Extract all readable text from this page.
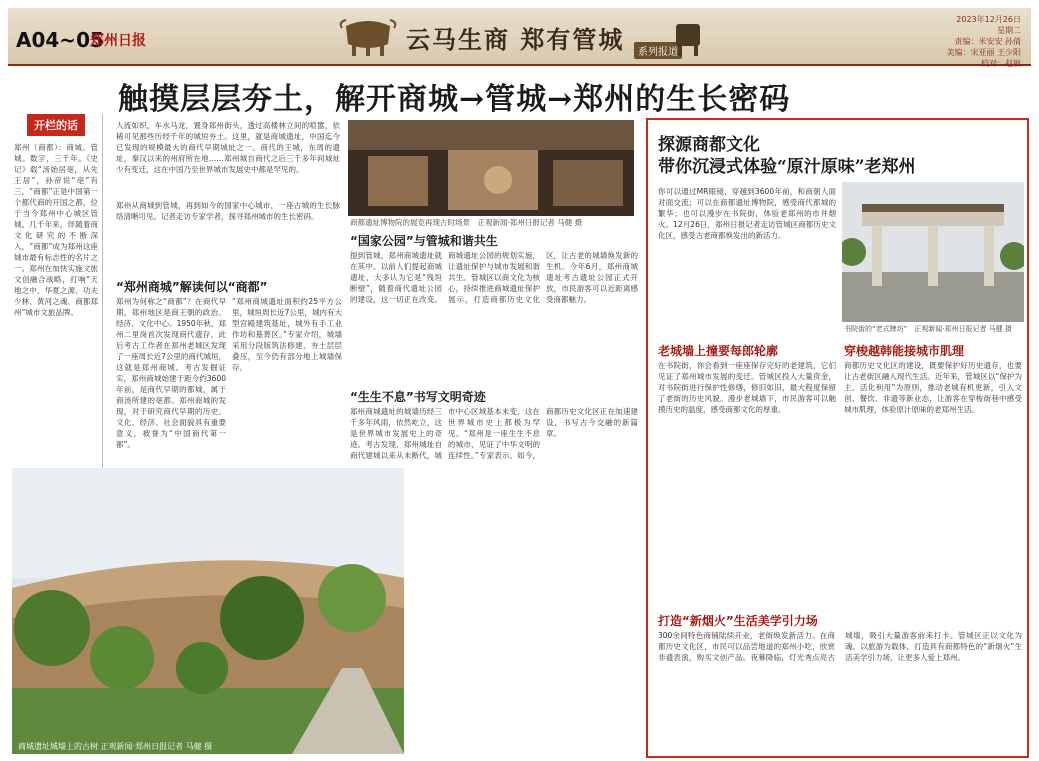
A04~05
郑州日报	云马生商 郑有管城	系列报道
2023年12月26日
星期二
责编：米安安 孙倩
美编：宋亚丽 王少阳
校对：赵敏
触摸层层夯土，解开商城→管城→郑州的生长密码
开栏的话

郑州（商都）：商城、管城。数字，三千年。《史记》载“汤始居亳，从先王居”，孙帝说“亳”有三，“商都”正是中国第一个都代商的开国之都，位于当今郑州中心城区管城。几千年来，伴随着商文化研究的不断深入，“商都”成为郑州这座城市最有标志性的名片之一。郑州在加快实施文旅文创融合战略，打响“天地之中、华夏之源、功夫少林、黄河之魂、商都郑州”城市文旅品牌。

人流如织，车水马龙，置身郑州街头，透过高楼林立间的喧嚣，依稀可见那些历经千年的城垣夯土。这里，就是商城遗址，中国迄今已发现的规模最大的商代早期城址之一。商代的王城，东周的遗址，秦汉以来的州府所在地……郑州城自商代之后三千多年间城址少有变迁，这在中国乃至世界城市发展史中都是罕见的。

郑州从商城到管城，再到如今的国家中心城市，一座古城的生长脉络清晰可见。记者走访专家学者，探寻郑州城市的生长密码。

商都遗址博物院的展览再现古时场景　正观新闻·郑州日报记者 马健 摄

“郑州商城”解读何以“商都”

郑州为何称之“商都”？在商代早期，郑州地区是商王朝的政治、经济、文化中心。1950年秋，郑州二里岗首次发现商代遗存，此后考古工作者在郑州老城区发现了一座周长近7公里的商代城垣，这就是郑州商城。考古发掘证实，郑州商城始建于距今约3600年前，是商代早期的都城，属于商汤所建的亳都。郑州商城的发现，对于研究商代早期的历史、文化、经济、社会面貌具有重要意义，被誉为“中国商代第一都”。

“郑州商城遗址面积约25平方公里，城垣周长近7公里，城内有大型宫殿建筑基址，城外有手工业作坊和墓葬区。”专家介绍，城墙采用分段版筑法修建，夯土层层叠压，至今仍有部分地上城墙保存。

“国家公园”与管城和谐共生

提到管城，郑州商城遗址就在其中。以前人们提起商城遗址，大多认为它是“残垣断壁”，随着商代遗址公园的建设，这一切正在改变。商城遗址公园的规划实施，让遗址保护与城市发展和谐共生。管城区以商文化为核心，持续推进商城遗址保护展示，打造商都历史文化区，让古老的城墙焕发新的生机。今年6月，郑州商城遗址考古遗址公园正式开放，市民游客可以近距离感受商都魅力。

“生生不息”书写文明奇迹

郑州商城遗址的城墙历经三千多年风雨，依然屹立，这是世界城市发展史上的奇迹。考古发现，郑州城址自商代建城以来从未断代，城市中心区域基本未变，这在世界城市史上都极为罕见。“郑州是一座生生不息的城市，见证了中华文明的连续性。”专家表示。如今，商都历史文化区正在加速建设，书写古今交融的新篇章。

商城遗址城墙上的古树 正观新闻·郑州日报记者 马健 摄

探源商都文化
带你沉浸式体验“原汁原味”老郑州

你可以通过MR眼镜，穿越到3600年前，和商朝人面对面交流；可以在商都遗址博物院，感受商代都城的繁华；也可以漫步在书院街，体验老郑州的市井烟火。12月26日，郑州日报记者走访管城区商都历史文化区，感受古老商都焕发出的新活力。

书院街的“老式牌坊”　正观新闻·郑州日报记者 马健 摄

老城墙上撞要每郎轮廓

在书院街，你会看到一座座保存完好的老建筑，它们见证了郑州城市发展的变迁。管城区投入大量资金，对书院街进行保护性修缮，修旧如旧，最大程度保留了老街的历史风貌。漫步老城墙下，市民游客可以触摸历史的温度，感受商都文化的厚重。

穿梭越韩能接城市肌理

商都历史文化区的建设，既要保护好历史遗存，也要让古老街区融入现代生活。近年来，管城区以“保护为主、活化利用”为原则，推动老城有机更新，引入文创、餐饮、非遗等新业态，让游客在穿梭街巷中感受城市肌理，体验原汁原味的老郑州生活。

打造“新烟火”生活美学引力场

300余间特色商铺陆续开业，老街焕发新活力。在商都历史文化区，市民可以品尝地道的郑州小吃，欣赏非遗表演，购买文创产品。夜幕降临，灯光秀点亮古城墙，吸引大量游客前来打卡。管城区正以文化为魂、以旅游为载体，打造具有商都特色的“新烟火”生活美学引力场，让更多人爱上郑州。
